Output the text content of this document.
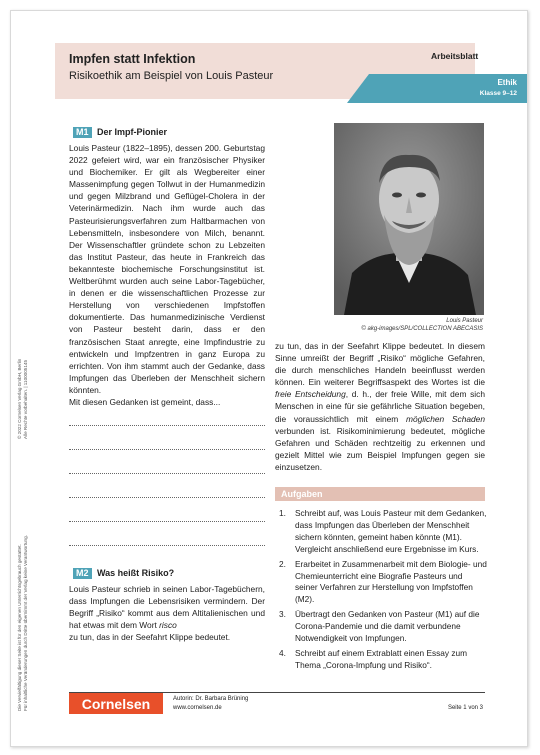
Impfen statt Infektion
Risikoethik am Beispiel von Louis Pasteur
Arbeitsblatt
Ethik
Klasse 9–12
© 2022 Cornelsen Verlag GmbH, Berlin Alle Rechte vorbehalten. | 1100005145
Die Vervielfältigung dieser Seite ist für den eigenen Unterrichtsgebrauch gestattet. Für inhaltliche Veränderungen durch Dritte übernimmt der Verlag keine Verantwortung.
M1 Der Impf-Pionier

Louis Pasteur (1822–1895), dessen 200. Geburtstag 2022 gefeiert wird, war ein französischer Physiker und Biochemiker. Er gilt als Wegbereiter einer Massenimpfung gegen Tollwut in der Humanmedizin und gegen Milzbrand und Geflügel-Cholera in der Veterinärmedizin. Nach ihm wurde auch das Pasteurisierungsverfahren zum Haltbarmachen von Lebensmitteln, insbesondere von Milch, benannt. Der Wissenschaftler gründete schon zu Lebzeiten das Institut Pasteur, das heute in Frankreich das bekannteste biochemische Forschungsinstitut ist. Weltberühmt wurden auch seine Labor-Tagebücher, in denen er die wissenschaftlichen Prozesse zur Herstellung von verschiedenen Impfstoffen dokumentierte. Das humanmedizinische Verdienst von Pasteur besteht darin, dass er den französischen Staat anregte, eine Impfindustrie zu entwickeln und Impfzentren in ganz Europa zu errichten. Von ihm stammt auch der Gedanke, dass Impfungen das Überleben der Menschheit sichern könnten.

Mit diesen Gedanken ist gemeint, dass...

M2 Was heißt Risiko?

Louis Pasteur schrieb in seinen Labor-Tagebüchern, dass Impfungen die Lebensrisiken vermindern. Der Begriff „Risiko“ kommt aus dem Altitalienischen und hat etwas mit dem Wort risco

zu tun, das in der Seefahrt Klippe bedeutet.

Louis Pasteur
© akg-images/SPL/COLLECTION ABECASIS

zu tun, das in der Seefahrt Klippe bedeutet. In diesem Sinne umreißt der Begriff „Risiko“ mögliche Gefahren, die durch menschliches Handeln beeinflusst werden können. Ein weiterer Begriffsaspekt des Wortes ist die freie Entscheidung, d. h., der freie Wille, mit dem sich Menschen in eine für sie gefährliche Situation begeben, die voraussichtlich mit einem möglichen Schaden verbunden ist. Risikominimierung bedeutet, mögliche Gefahren und Schäden rechtzeitig zu erkennen und gezielt Mittel wie zum Beispiel Impfungen gegen sie einzusetzen.

Aufgaben
1. Schreibt auf, was Louis Pasteur mit dem Gedanken, dass Impfungen das Überleben der Menschheit sichern könnten, gemeint haben könnte (M1). Vergleicht anschließend eure Ergebnisse im Kurs.
2. Erarbeitet in Zusammenarbeit mit dem Biologie- und Chemieunterricht eine Biografie Pasteurs und seiner Verfahren zur Herstellung von Impfstoffen (M2).
3. Übertragt den Gedanken von Pasteur (M1) auf die Corona-Pandemie und die damit verbundene Notwendigkeit von Impfungen.
4. Schreibt auf einem Extrablatt einen Essay zum Thema „Corona-Impfung und Risiko“.
Cornelsen	Autorin: Dr. Barbara Brüning
www.cornelsen.de	Seite 1 von 3
